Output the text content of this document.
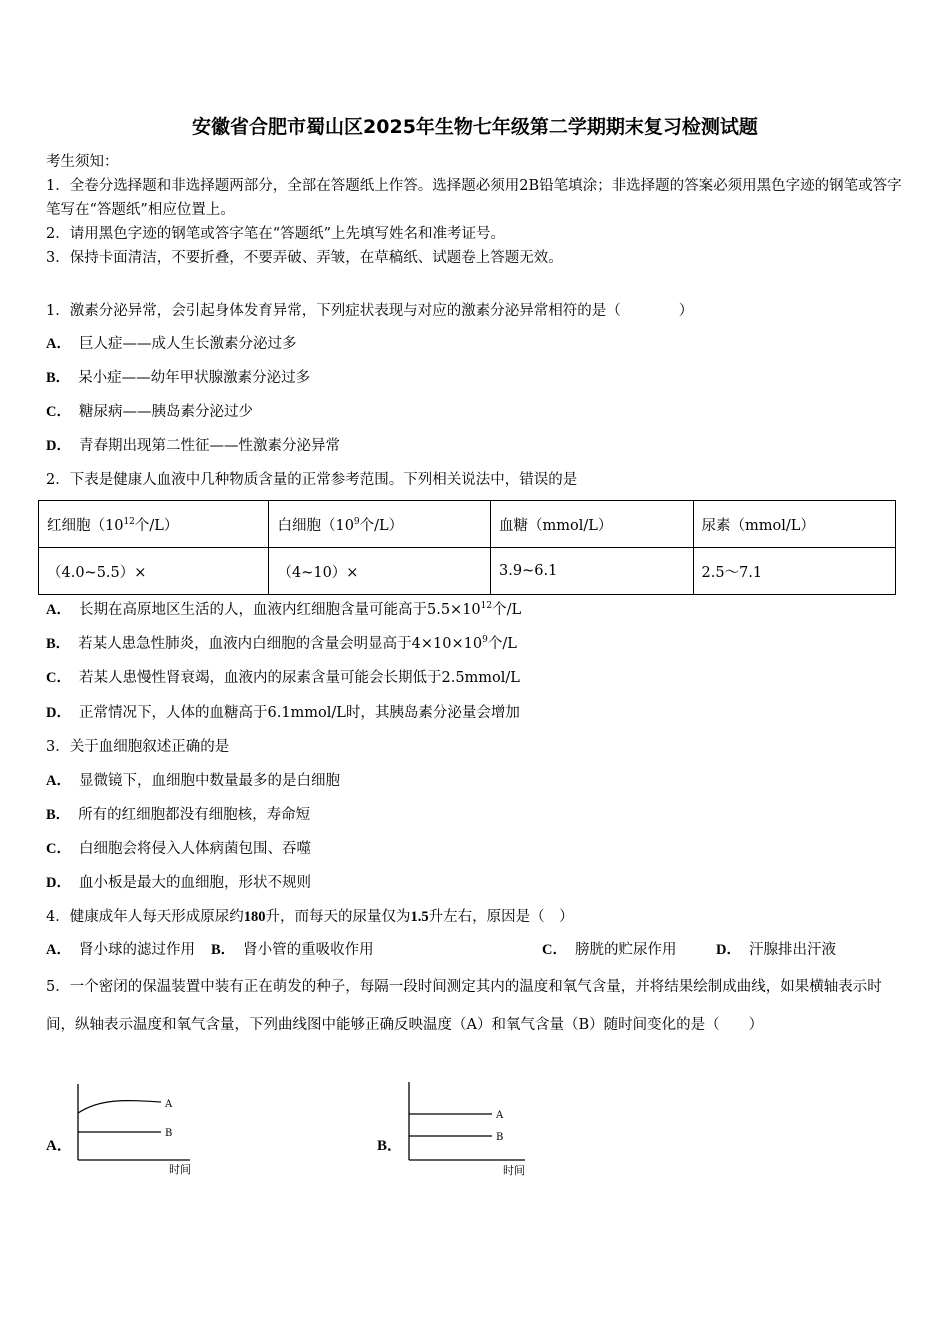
安徽省合肥市蜀山区2025年生物七年级第二学期期末复习检测试题
考生须知：
1．全卷分选择题和非选择题两部分，全部在答题纸上作答。选择题必须用2B铅笔填涂；非选择题的答案必须用黑色字迹的钢笔或答字笔写在“答题纸”相应位置上。
2．请用黑色字迹的钢笔或答字笔在“答题纸”上先填写姓名和准考证号。
3．保持卡面清洁，不要折叠，不要弄破、弄皱，在草稿纸、试题卷上答题无效。
1．激素分泌异常，会引起身体发育异常，下列症状表现与对应的激素分泌异常相符的是（　　　　）
A． 巨人症——成人生长激素分泌过多
B． 呆小症——幼年甲状腺激素分泌过多
C． 糖尿病——胰岛素分泌过少
D． 青春期出现第二性征——性激素分泌异常
2．下表是健康人血液中几种物质含量的正常参考范围。下列相关说法中，错误的是
红细胞（$10^{12}$个/L）	白细胞（$10^9$个/L）	血糖（mmol/L）	尿素（mmol/L）
（4.0~5.5）×	（4~10）×	3.9~6.1	2.5～7.1
A． 长期在高原地区生活的人，血液内红细胞含量可能高于$5.5\times 10^{12}$个/L
B． 若某人患急性肺炎，血液内白细胞的含量会明显高于$4\times 10\times 10^9$个/L
C． 若某人患慢性肾衰竭，血液内的尿素含量可能会长期低于2.5mmol/L
D． 正常情况下，人体的血糖高于6.1mmol/L时，其胰岛素分泌量会增加
3．关于血细胞叙述正确的是
A． 显微镜下，血细胞中数量最多的是白细胞
B． 所有的红细胞都没有细胞核，寿命短
C． 白细胞会将侵入人体病菌包围、吞噬
D． 血小板是最大的血细胞，形状不规则
4．健康成年人每天形成原尿约180升，而每天的尿量仅为1.5升左右，原因是（　）
A． 肾小球的滤过作用 B． 肾小管的重吸收作用	C． 膀胱的贮尿作用	D． 汗腺排出汗液
5．一个密闭的保温装置中装有正在萌发的种子，每隔一段时间测定其内的温度和氧气含量，并将结果绘制成曲线，如果横轴表示时间，纵轴表示温度和氧气含量，下列曲线图中能够正确反映温度（A）和氧气含量（B）随时间变化的是（　　）
A．
A
B
时间
B．
A
B
时间
